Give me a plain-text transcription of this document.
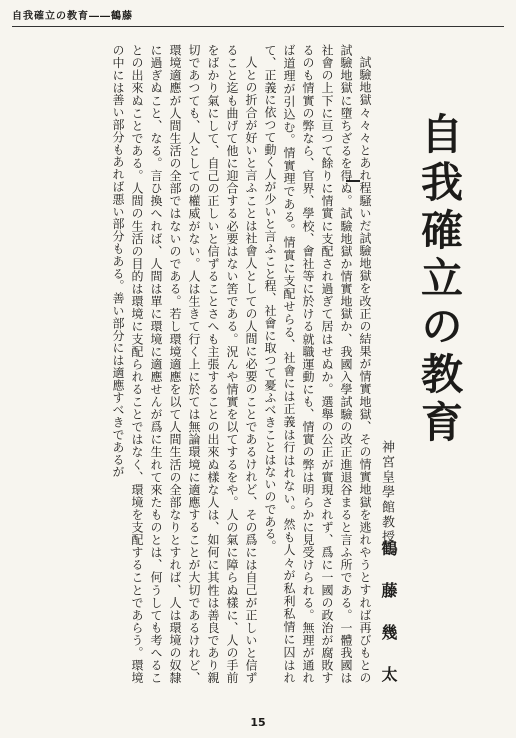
自我確立の教育――鶴藤
自我確立の教育
神宮皇學館教授
鶴藤幾太

試驗地獄々々々とあれ程騒いだ試驗地獄を改正の結果が情實地獄、その情實地獄を逃れやうとすれば再びもとの試驗地獄に墮ちざるを得ぬ。試驗地獄か情實地獄か、我國入學試驗の改正進退谷まると言ふ所である。一體我國は社會の上下に亘つて餘りに情實に支配され過ぎて居はせぬか。選舉の公正が實現されず、爲に一國の政治が腐敗するのも情實の弊なら、官界、學校、會社等に於ける就職運動にも、情實の弊は明らかに見受けられる。無理が通れば道理が引込む。情實理である。情實に支配せらる、社會には正義は行はれない。然も人々が私利私情に囚はれて、正義に依つて動く人が少いと言ふこと程、社會に取つて憂ふべきことはないのである。

人との折合が好いと言ふことは社會人としての人間に必要のことであるけれど、その爲には自己が正しいと信ずること迄も曲げて他に迎合する必要はない筈である。況んや情實を以てするをや。人の氣に障らぬ樣に、人の手前をばかり氣にして、自己の正しいと信ずることさへも主張することの出來ぬ樣な人は、如何に其性は善良であり親切であつても、人としての權威がない。人は生きて行く上に於ては無論環境に適應することが大切であるけれど、環境適應が人間生活の全部ではないのである。若し環境適應を以て人間生活の全部なりとすれば、人は環境の奴隸に過ぎぬこと、なる。言ひ換へれば、人間は單に環境に適應せんが爲に生れて來たものとは、何うしても考へることの出來ぬことである。人間の生活の目的は環境に支配られることではなく、環境を支配することであらう。環境の中には善い部分もあれば悪い部分もある。善い部分には適應すべきであるが

15
